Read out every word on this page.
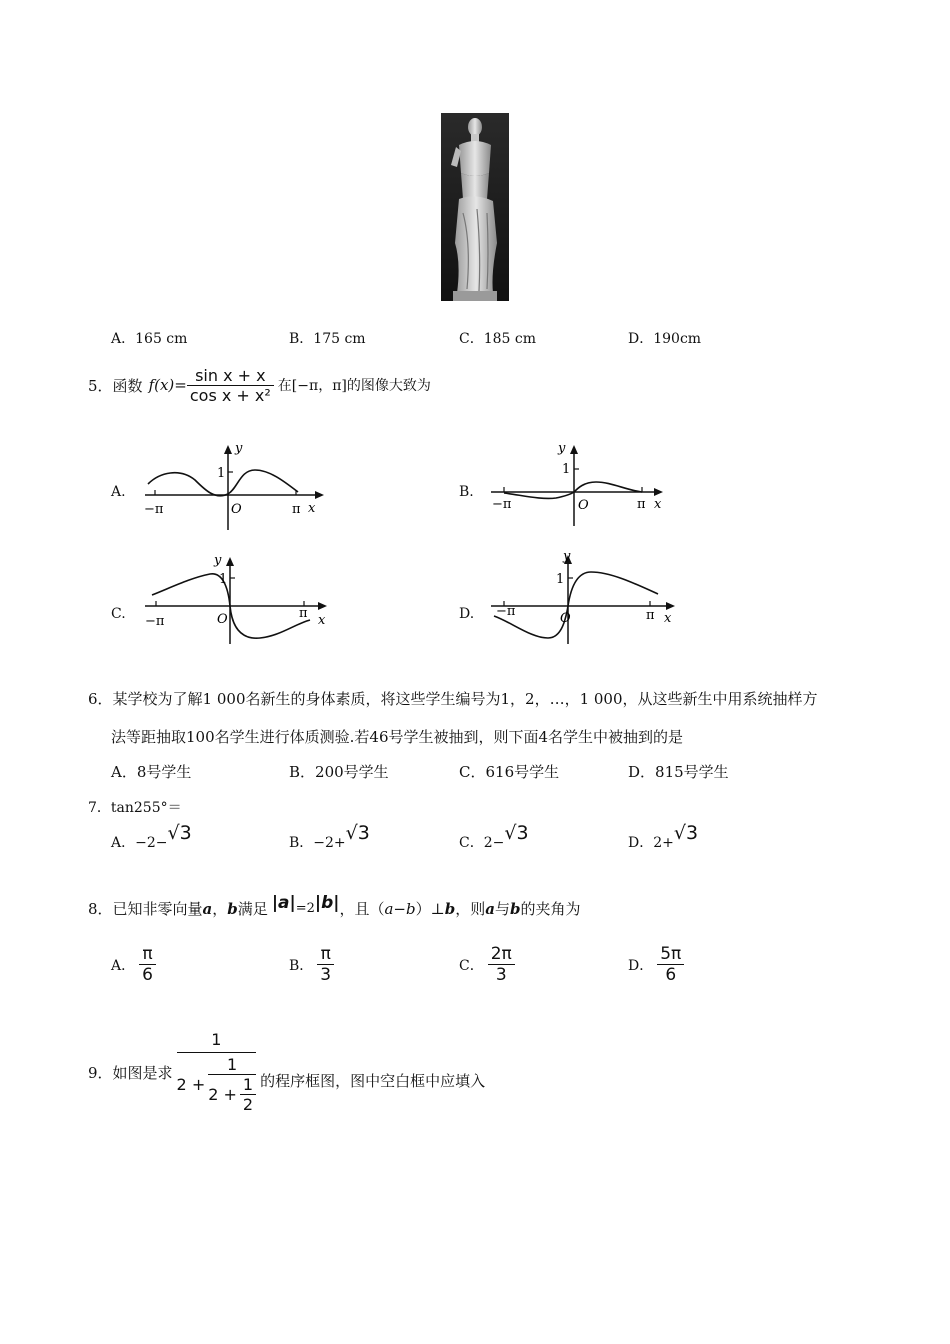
A．165 cm	B．175 cm	C．185 cm	D．190cm
5． 函数 $f(x)= \frac{\text{sin x + x}}{\text{cos x + x²}}$ 在[−π，π]的图像大致为
A.
y
1
O
−π	π x
B.
y
1
O
−π	π x
C.
y
1
O
−π
π x	D.
y
1
O
−π	π x
6．某学校为了解1 000名新生的身体素质，将这些学生编号为1，2，…，1 000，从这些新生中用系统抽样方
法等距抽取100名学生进行体质测验.若46号学生被抽到，则下面4名学生中被抽到的是
A．8号学生	B．200号学生	C．616号学生	D．815号学生
7．tan255°＝
A．−2−√3	B．−2+√3	C．2−√3	D．2+√3
8．已知非零向量 a ， b 满足 |a| =2 |b| ，且（ a−b ）⊥ b ，则 a 与 b 的夹角为
A． $\frac{\pi}{6}$	B． $\frac{\pi}{3}$	C． $\frac{2\pi}{3}$	D． $\frac{5\pi}{6}$
9．如图是求
1
$2 + \frac{1}{2 + \frac{1}{2}}$ 的程序框图，图中空白框中应填入
